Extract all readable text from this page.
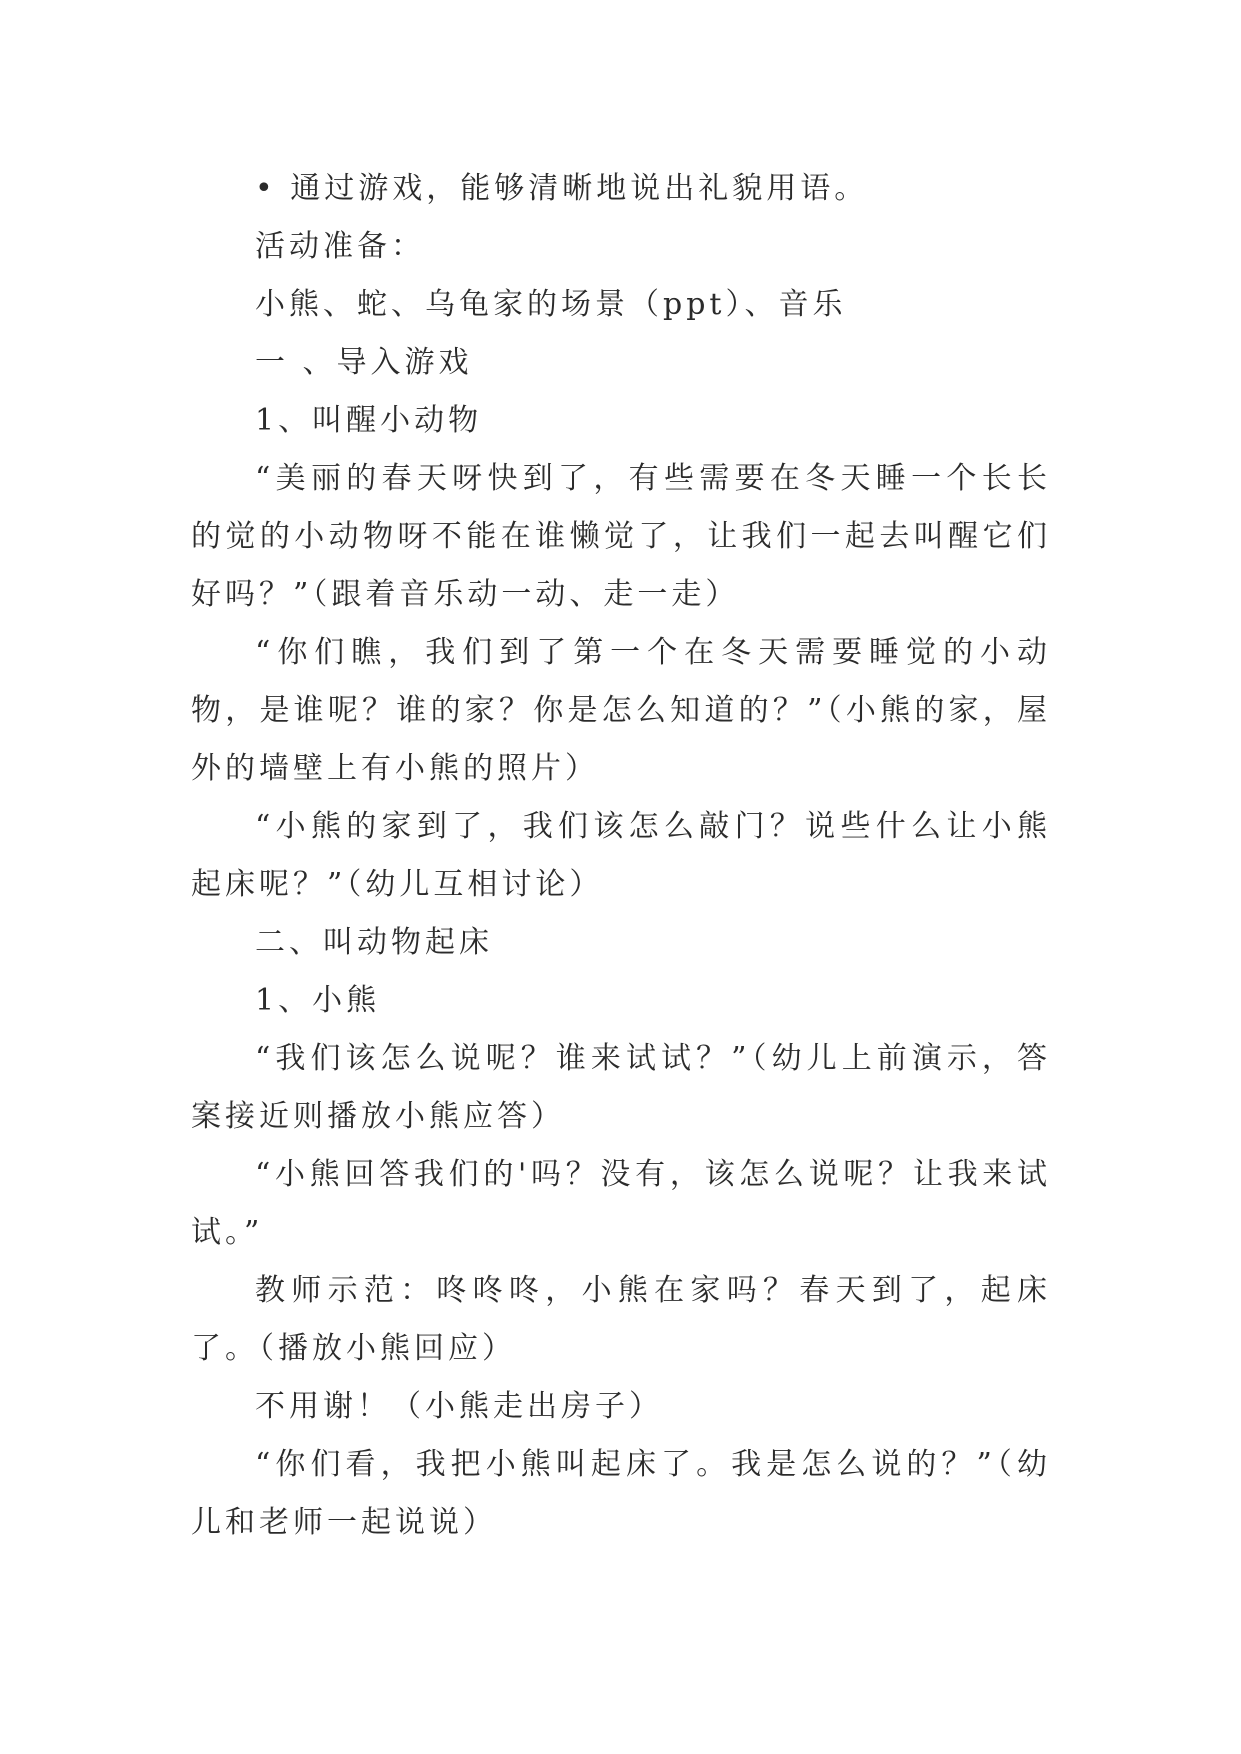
• 通过游戏，能够清晰地说出礼貌用语。

活动准备：

小熊、蛇、乌龟家的场景（ppt）、音乐

一 、导入游戏

1、叫醒小动物

“美丽的春天呀快到了，有些需要在冬天睡一个长长的觉的小动物呀不能在谁懒觉了，让我们一起去叫醒它们好吗？”（跟着音乐动一动、走一走）

“你们瞧，我们到了第一个在冬天需要睡觉的小动物，是谁呢？谁的家？你是怎么知道的？”（小熊的家，屋外的墙壁上有小熊的照片）

“小熊的家到了，我们该怎么敲门？说些什么让小熊起床呢？”（幼儿互相讨论）

二、叫动物起床

1、小熊

“我们该怎么说呢？谁来试试？”（幼儿上前演示，答案接近则播放小熊应答）

“小熊回答我们的'吗？没有，该怎么说呢？让我来试试。”

教师示范：咚咚咚，小熊在家吗？春天到了，起床了。（播放小熊回应）

不用谢！（小熊走出房子）

“你们看，我把小熊叫起床了。我是怎么说的？”（幼儿和老师一起说说）
